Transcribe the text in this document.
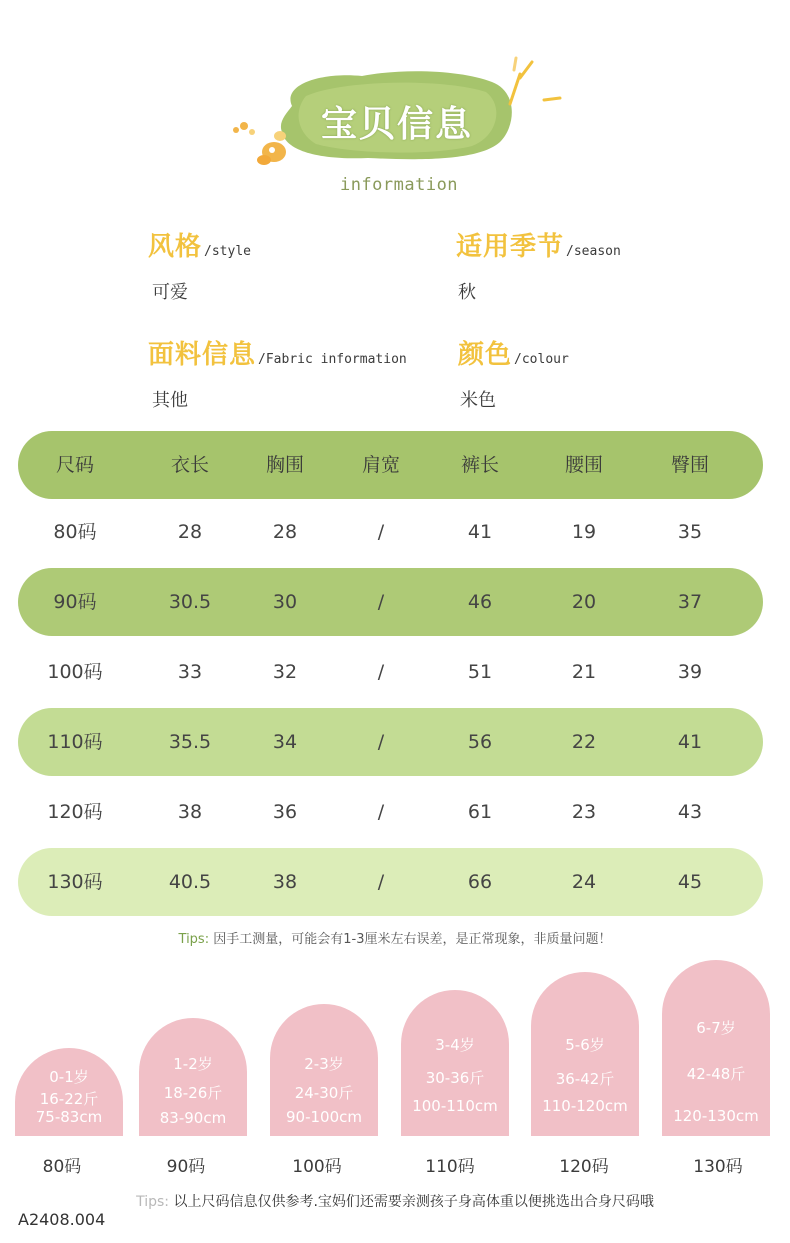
宝贝信息
information
风格 /style
可爱
适用季节 /season
秋
面料信息 /Fabric information
其他
颜色 /colour
米色
尺码	衣长	胸围	肩宽	裤长	腰围	臀围
80码	28	28	/	41	19	35
90码	30.5	30	/	46	20	37
100码	33	32	/	51	21	39
110码	35.5	34	/	56	22	41
120码	38	36	/	61	23	43
130码	40.5	38	/	66	24	45
Tips: 因手工测量，可能会有1-3厘米左右误差，是正常现象，非质量问题！
0-1岁
16-22斤
75-83cm
1-2岁
18-26斤
83-90cm
2-3岁
24-30斤
90-100cm
3-4岁
30-36斤
100-110cm
5-6岁
36-42斤
110-120cm
6-7岁
42-48斤
120-130cm
80码	90码	100码	110码	120码	130码
Tips: 以上尺码信息仅供参考.宝妈们还需要亲测孩子身高体重以便挑选出合身尺码哦
A2408.004
